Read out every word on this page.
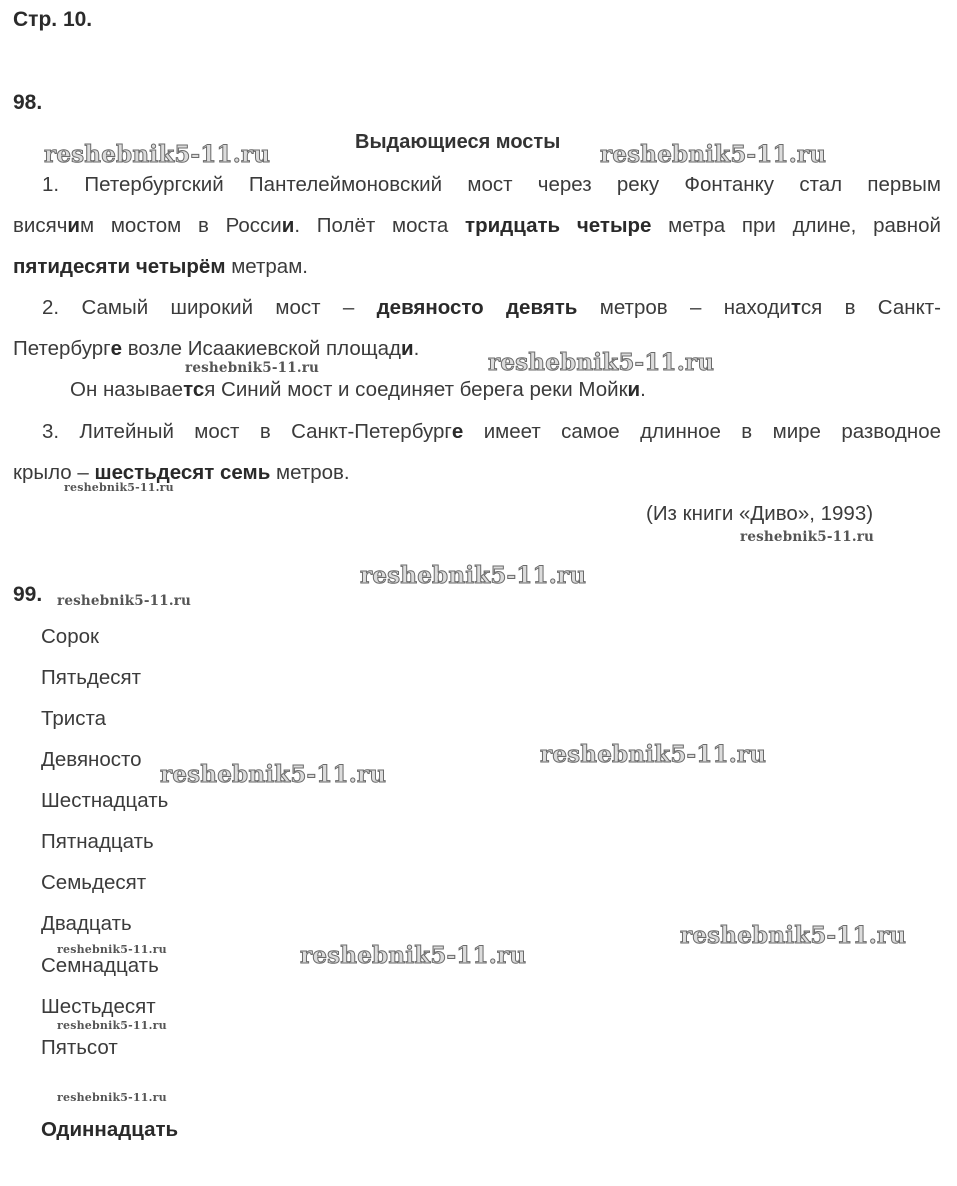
Стр. 10.
98.
Выдающиеся мосты
1. Петербургский Пантелеймоновский мост через реку Фонтанку стал первым
висячим мостом в России. Полёт моста тридцать четыре метра при длине, равной
пятидесяти четырём метрам.
2. Самый широкий мост – девяносто девять метров – находится в Санкт-
Петербурге возле Исаакиевской площади.
Он называется Синий мост и соединяет берега реки Мойки.
3. Литейный мост в Санкт-Петербурге имеет самое длинное в мире разводное
крыло – шестьдесят семь метров.
(Из книги «Диво», 1993)
99.
Сорок
Пятьдесят
Триста
Девяносто
Шестнадцать
Пятнадцать
Семьдесят
Двадцать
Семнадцать
Шестьдесят
Пятьсот
Одиннадцать
reshebnik5-11.ru	reshebnik5-11.ru
reshebnik5-11.ru	reshebnik5-11.ru
reshebnik5-11.ru
reshebnik5-11.ru
reshebnik5-11.ru
reshebnik5-11.ru
reshebnik5-11.ru
reshebnik5-11.ru
reshebnik5-11.ru
reshebnik5-11.ru	reshebnik5-11.ru
reshebnik5-11.ru
reshebnik5-11.ru
